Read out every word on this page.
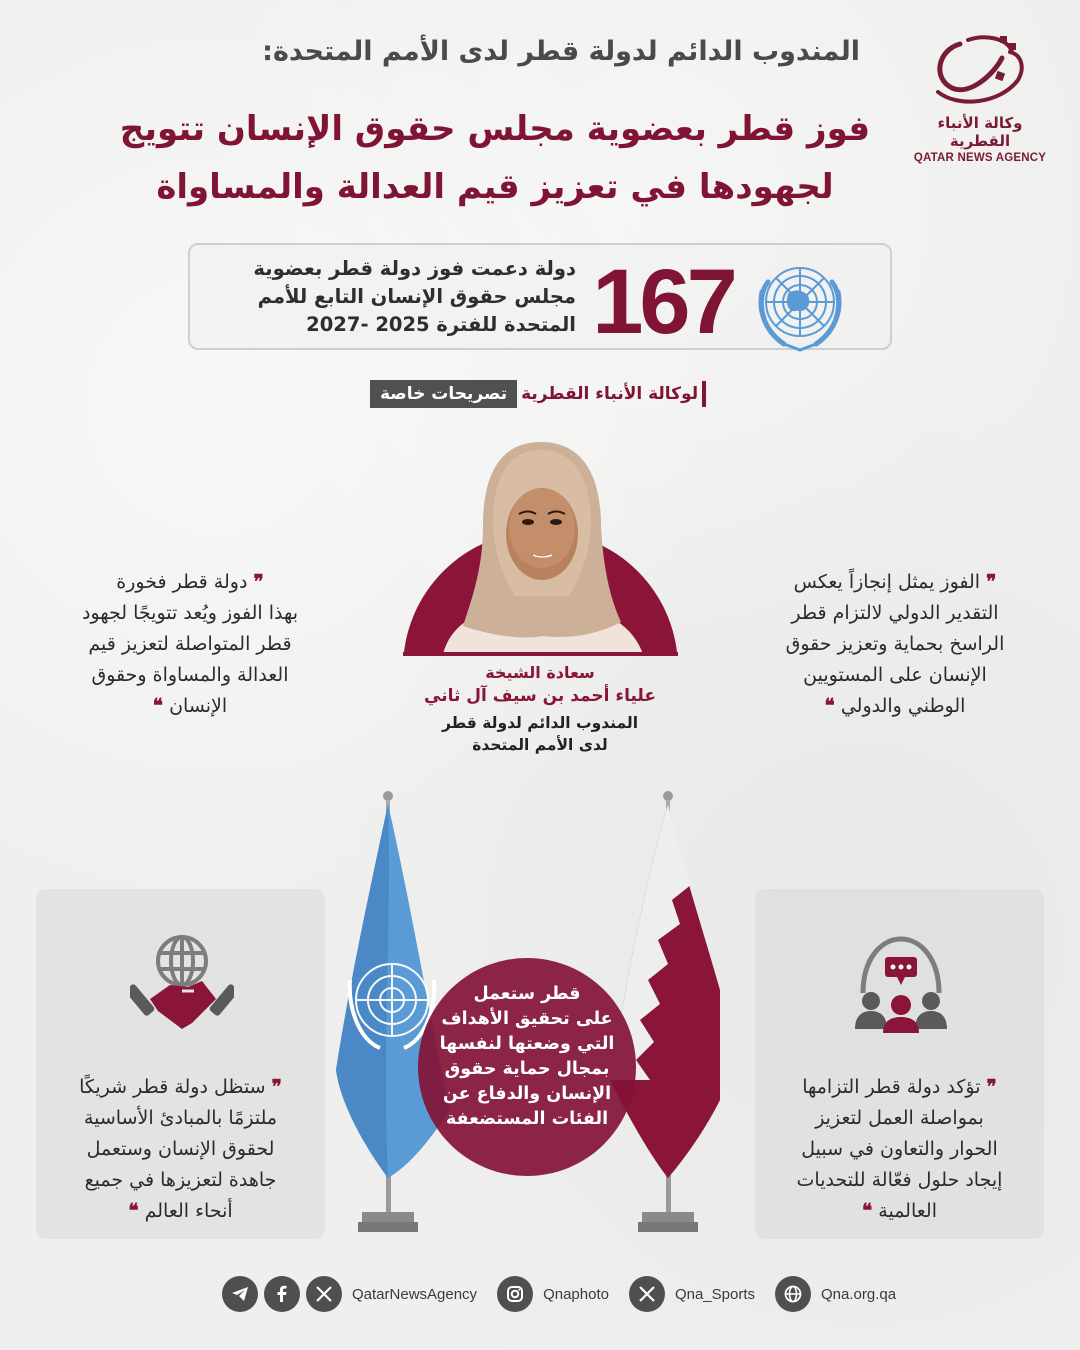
وكالة الأنباء القطرية
QATAR NEWS AGENCY
المندوب الدائم لدولة قطر لدى الأمم المتحدة:
فوز قطر بعضوية مجلس حقوق الإنسان تتويج
لجهودها في تعزيز قيم العدالة والمساواة
167
دولة دعمت فوز دولة قطر بعضوية
مجلس حقوق الإنسان التابع للأمم
المتحدة للفترة 2025 -2027
تصريحات خاصة لوكالة الأنباء القطرية
سعادة الشيخة
علياء أحمد بن سيف آل ثاني
المندوب الدائم لدولة قطر
لدى الأمم المتحدة
❞ دولة قطر فخورة
بهذا الفوز ويُعد تتويجًا لجهود
قطر المتواصلة لتعزيز قيم
العدالة والمساواة وحقوق
الإنسان ❝
❞ الفوز يمثل إنجازاً يعكس
التقدير الدولي لالتزام قطر
الراسخ بحماية وتعزيز حقوق
الإنسان على المستويين
الوطني والدولي ❝
❞ ستظل دولة قطر شريكًا
ملتزمًا بالمبادئ الأساسية
لحقوق الإنسان وستعمل
جاهدة لتعزيزها في جميع
أنحاء العالم ❝
❞ تؤكد دولة قطر التزامها
بمواصلة العمل لتعزيز
الحوار والتعاون في سبيل
إيجاد حلول فعّالة للتحديات
العالمية ❝
قطر ستعمل
على تحقيق الأهداف
التي وضعتها لنفسها
بمجال حماية حقوق
الإنسان والدفاع عن
الفئات المستضعفة
QatarNewsAgency	Qnaphoto	Qna_Sports	Qna.org.qa
